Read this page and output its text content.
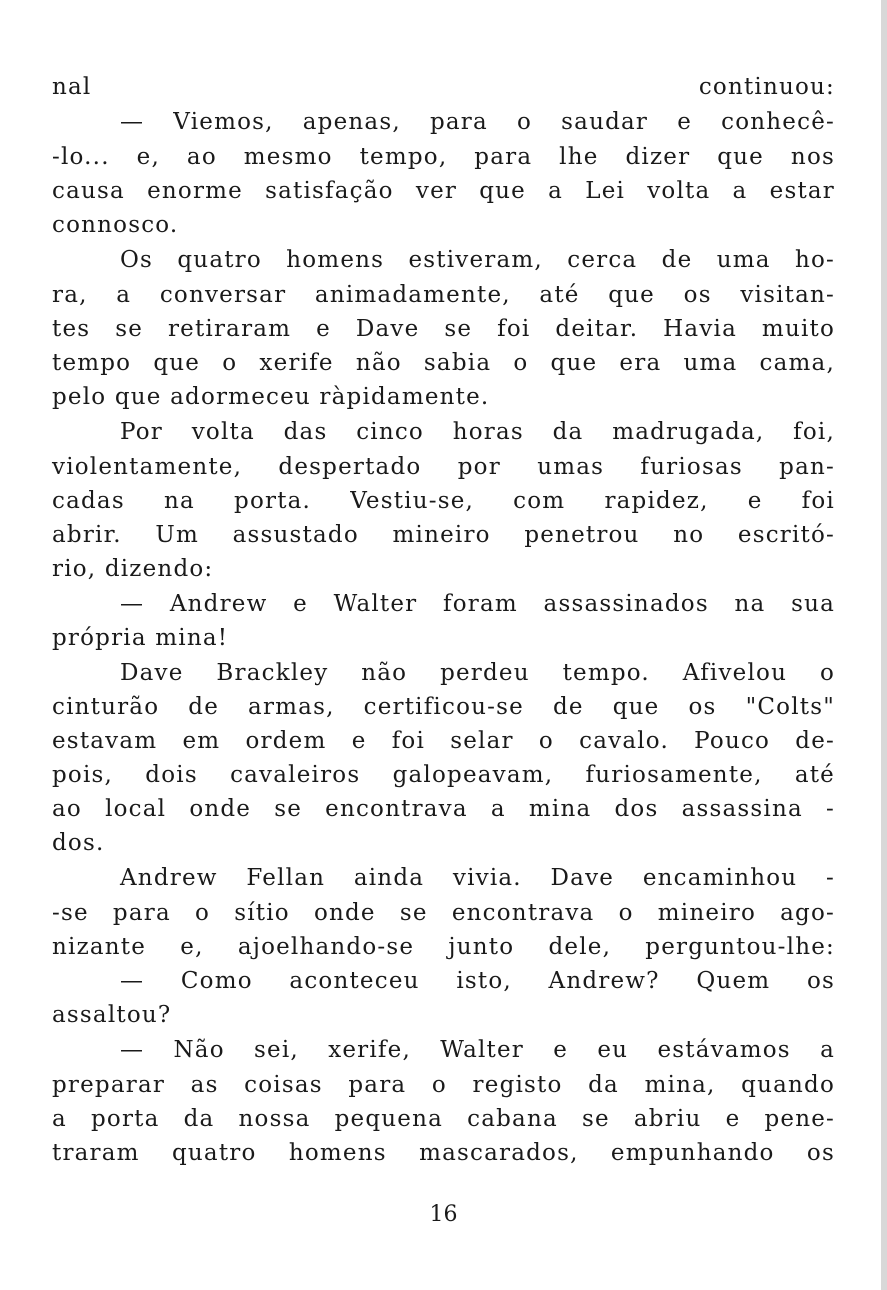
nal continuou:
— Viemos, apenas, para o saudar e conhecê-
-lo... e, ao mesmo tempo, para lhe dizer que nos
causa enorme satisfação ver que a Lei volta a estar
connosco.
Os quatro homens estiveram, cerca de uma ho-
ra, a conversar animadamente, até que os visitan-
tes se retiraram e Dave se foi deitar. Havia muito
tempo que o xerife não sabia o que era uma cama,
pelo que adormeceu ràpidamente.
Por volta das cinco horas da madrugada, foi,
violentamente, despertado por umas furiosas pan-
cadas na porta. Vestiu-se, com rapidez, e foi
abrir. Um assustado mineiro penetrou no escritó-
rio, dizendo:
— Andrew e Walter foram assassinados na sua
própria mina!
Dave Brackley não perdeu tempo. Afivelou o
cinturão de armas, certificou-se de que os "Colts"
estavam em ordem e foi selar o cavalo. Pouco de-
pois, dois cavaleiros galopeavam, furiosamente, até
ao local onde se encontrava a mina dos assassina -
dos.
Andrew Fellan ainda vivia. Dave encaminhou -
-se para o sítio onde se encontrava o mineiro ago-
nizante e, ajoelhando-se junto dele, perguntou-lhe:
— Como aconteceu isto, Andrew? Quem os
assaltou?
— Não sei, xerife, Walter e eu estávamos a
preparar as coisas para o registo da mina, quando
a porta da nossa pequena cabana se abriu e pene-
traram quatro homens mascarados, empunhando os
16
